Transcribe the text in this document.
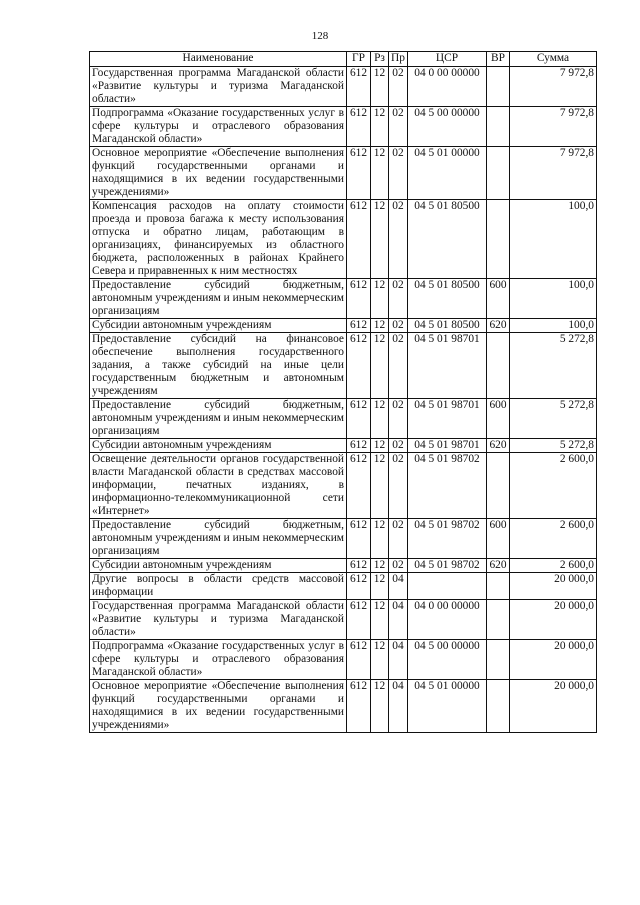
128
Наименование	ГР	Рз	Пр	ЦСР	ВР	Сумма
Государственная программа Магаданской области «Развитие культуры и туризма Магаданской области»	612	12	02	04 0 00 00000		7 972,8
Подпрограмма «Оказание государственных услуг в сфере культуры и отраслевого образования Магаданской области»	612	12	02	04 5 00 00000		7 972,8
Основное мероприятие «Обеспечение выполнения функций государственными органами и находящимися в их ведении государственными учреждениями»	612	12	02	04 5 01 00000		7 972,8
Компенсация расходов на оплату стоимости проезда и провоза багажа к месту использования отпуска и обратно лицам, работающим в организациях, финансируемых из областного бюджета, расположенных в районах Крайнего Севера и приравненных к ним местностях	612	12	02	04 5 01 80500		100,0
Предоставление субсидий бюджетным, автономным учреждениям и иным некоммерческим организациям	612	12	02	04 5 01 80500	600	100,0
Субсидии автономным учреждениям	612	12	02	04 5 01 80500	620	100,0
Предоставление субсидий на финансовое обеспечение выполнения государственного задания, а также субсидий на иные цели государственным бюджетным и автономным учреждениям	612	12	02	04 5 01 98701		5 272,8
Предоставление субсидий бюджетным, автономным учреждениям и иным некоммерческим организациям	612	12	02	04 5 01 98701	600	5 272,8
Субсидии автономным учреждениям	612	12	02	04 5 01 98701	620	5 272,8
Освещение деятельности органов государственной власти Магаданской области в средствах массовой информации, печатных изданиях, в информационно-телекоммуникационной сети «Интернет»	612	12	02	04 5 01 98702		2 600,0
Предоставление субсидий бюджетным, автономным учреждениям и иным некоммерческим организациям	612	12	02	04 5 01 98702	600	2 600,0
Субсидии автономным учреждениям	612	12	02	04 5 01 98702	620	2 600,0
Другие вопросы в области средств массовой информации	612	12	04			20 000,0
Государственная программа Магаданской области «Развитие культуры и туризма Магаданской области»	612	12	04	04 0 00 00000		20 000,0
Подпрограмма «Оказание государственных услуг в сфере культуры и отраслевого образования Магаданской области»	612	12	04	04 5 00 00000		20 000,0
Основное мероприятие «Обеспечение выполнения функций государственными органами и находящимися в их ведении государственными учреждениями»	612	12	04	04 5 01 00000		20 000,0
